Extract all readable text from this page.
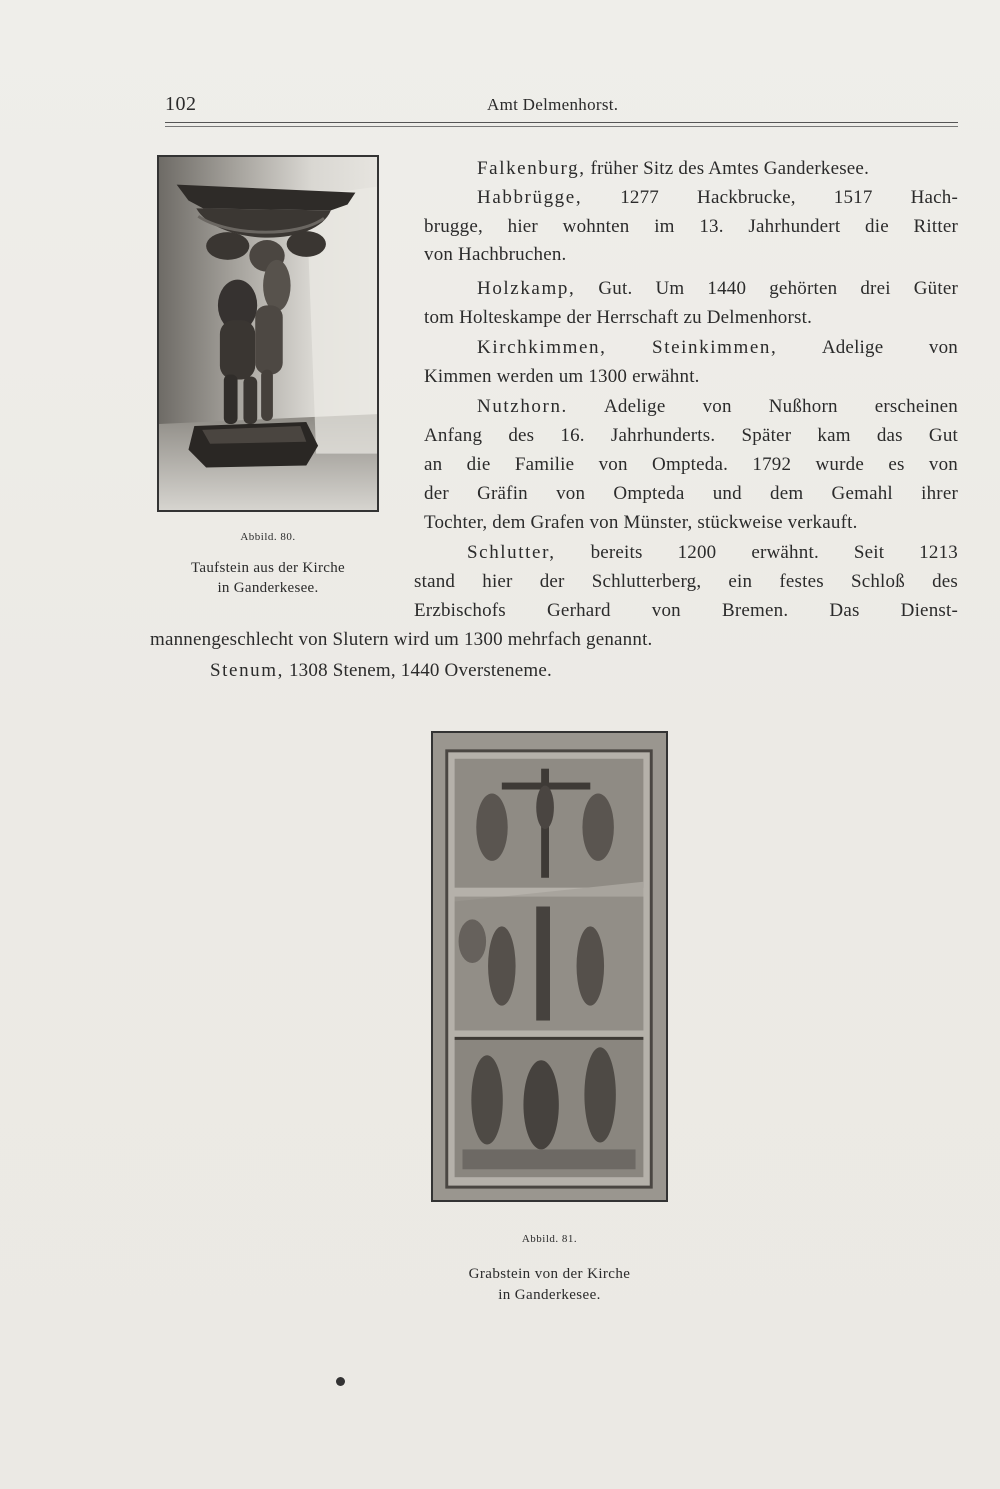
102	Amt Delmenhorst.
Abbild. 80.
Taufstein aus der Kirche
in Ganderkesee.
Falkenburg, früher Sitz des Amtes Ganderkesee.
Habbrügge, 1277 Hackbrucke, 1517 Hach-
brugge, hier wohnten im 13. Jahrhundert die Ritter
von Hachbruchen.
Holzkamp, Gut. Um 1440 gehörten drei Güter
tom Holteskampe der Herrschaft zu Delmenhorst.
Kirchkimmen, Steinkimmen, Adelige von
Kimmen werden um 1300 erwähnt.
Nutzhorn. Adelige von Nußhorn erscheinen
Anfang des 16. Jahrhunderts. Später kam das Gut
an die Familie von Ompteda. 1792 wurde es von
der Gräfin von Ompteda und dem Gemahl ihrer
Tochter, dem Grafen von Münster, stückweise verkauft.
Schlutter, bereits 1200 erwähnt. Seit 1213
stand hier der Schlutterberg, ein festes Schloß des
Erzbischofs Gerhard von Bremen. Das Dienst-
mannengeschlecht von Slutern wird um 1300 mehrfach genannt.
Stenum, 1308 Stenem, 1440 Oversteneme.
Abbild. 81.
Grabstein von der Kirche
in Ganderkesee.
